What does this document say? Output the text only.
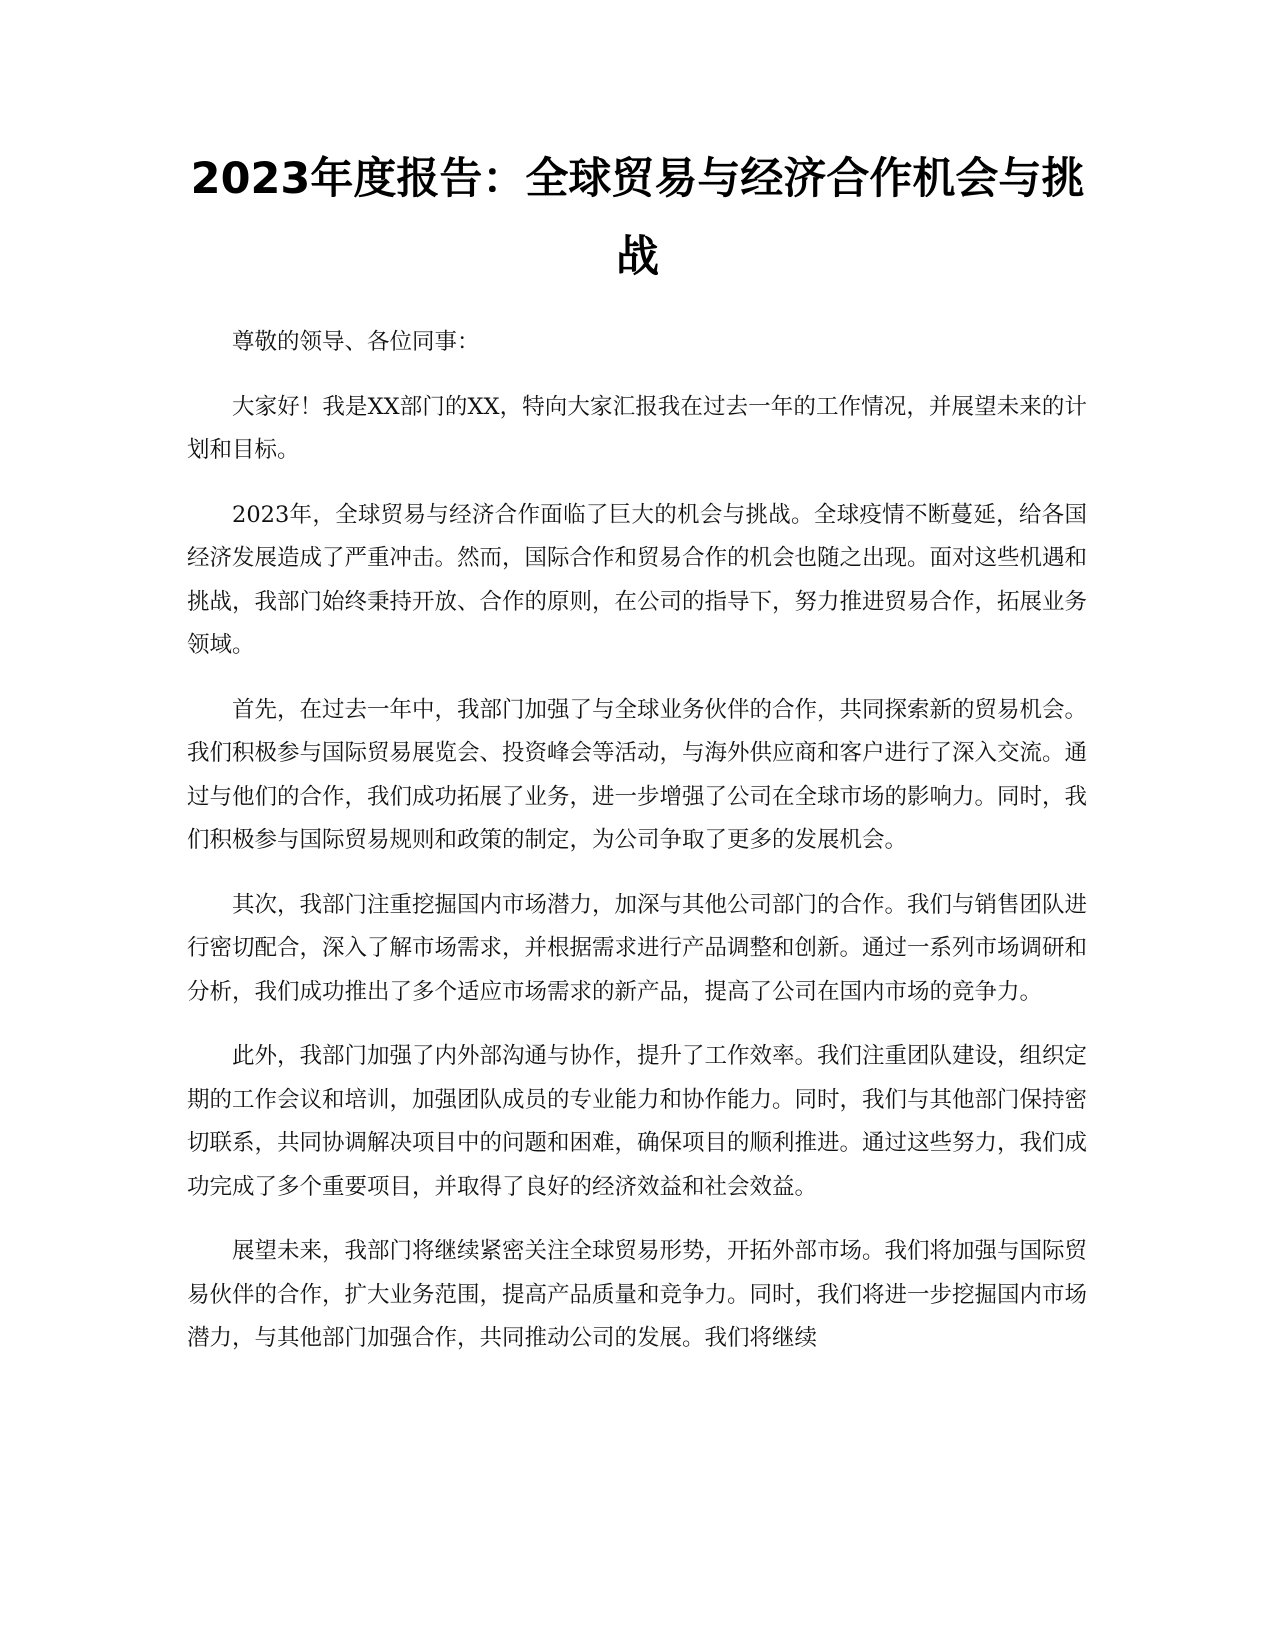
2023年度报告：全球贸易与经济合作机会与挑战

尊敬的领导、各位同事：

大家好！我是XX部门的XX，特向大家汇报我在过去一年的工作情况，并展望未来的计划和目标。

2023年，全球贸易与经济合作面临了巨大的机会与挑战。全球疫情不断蔓延，给各国经济发展造成了严重冲击。然而，国际合作和贸易合作的机会也随之出现。面对这些机遇和挑战，我部门始终秉持开放、合作的原则，在公司的指导下，努力推进贸易合作，拓展业务领域。

首先，在过去一年中，我部门加强了与全球业务伙伴的合作，共同探索新的贸易机会。我们积极参与国际贸易展览会、投资峰会等活动，与海外供应商和客户进行了深入交流。通过与他们的合作，我们成功拓展了业务，进一步增强了公司在全球市场的影响力。同时，我们积极参与国际贸易规则和政策的制定，为公司争取了更多的发展机会。

其次，我部门注重挖掘国内市场潜力，加深与其他公司部门的合作。我们与销售团队进行密切配合，深入了解市场需求，并根据需求进行产品调整和创新。通过一系列市场调研和分析，我们成功推出了多个适应市场需求的新产品，提高了公司在国内市场的竞争力。

此外，我部门加强了内外部沟通与协作，提升了工作效率。我们注重团队建设，组织定期的工作会议和培训，加强团队成员的专业能力和协作能力。同时，我们与其他部门保持密切联系，共同协调解决项目中的问题和困难，确保项目的顺利推进。通过这些努力，我们成功完成了多个重要项目，并取得了良好的经济效益和社会效益。

展望未来，我部门将继续紧密关注全球贸易形势，开拓外部市场。我们将加强与国际贸易伙伴的合作，扩大业务范围，提高产品质量和竞争力。同时，我们将进一步挖掘国内市场潜力，与其他部门加强合作，共同推动公司的发展。我们将继续
